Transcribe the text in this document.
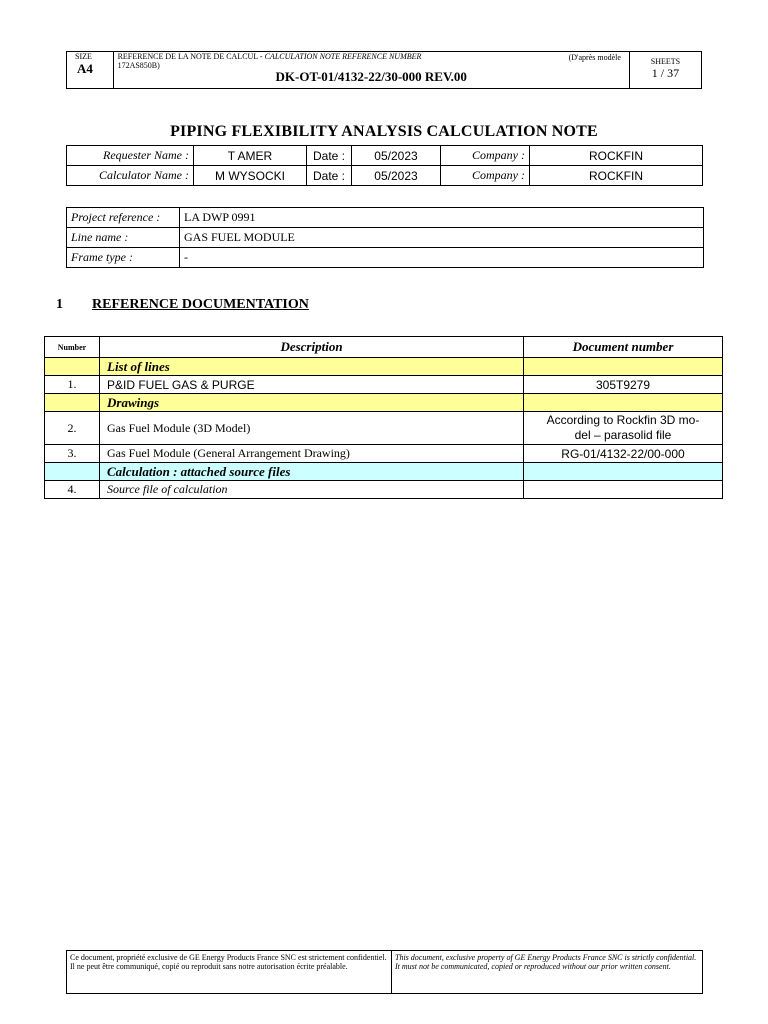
SIZE
A4

REFERENCE DE LA NOTE DE CALCUL - CALCULATION NOTE REFERENCE NUMBER	(D'après modèle
172AS850B)
DK-OT-01/4132-22/30-000 REV.00

SHEETS
1 / 37
PIPING FLEXIBILITY ANALYSIS CALCULATION NOTE
Requester Name :	T AMER	Date :	05/2023	Company :	ROCKFIN
Calculator Name :	M WYSOCKI	Date :	05/2023	Company :	ROCKFIN
Project reference :	LA DWP 0991
Line name :	GAS FUEL MODULE
Frame type :	-
1 REFERENCE DOCUMENTATION
Number	Description	Document number
	List of lines	
1.	P&ID FUEL GAS & PURGE	305T9279
	Drawings	
2.	Gas Fuel Module (3D Model)	According to Rockfin 3D mo-
del – parasolid file

3.	Gas Fuel Module (General Arrangement Drawing)	RG-01/4132-22/00-000
	Calculation : attached source files	
4.	Source file of calculation	
Ce document, propriété exclusive de GE Energy Products France SNC est strictement confidentiel. Il ne peut être communiqué, copié ou reproduit sans notre autorisation écrite préalable.	This document, exclusive property of GE Energy Products France SNC is strictly confidential. It must not be communicated, copied or reproduced without our prior written consent.
